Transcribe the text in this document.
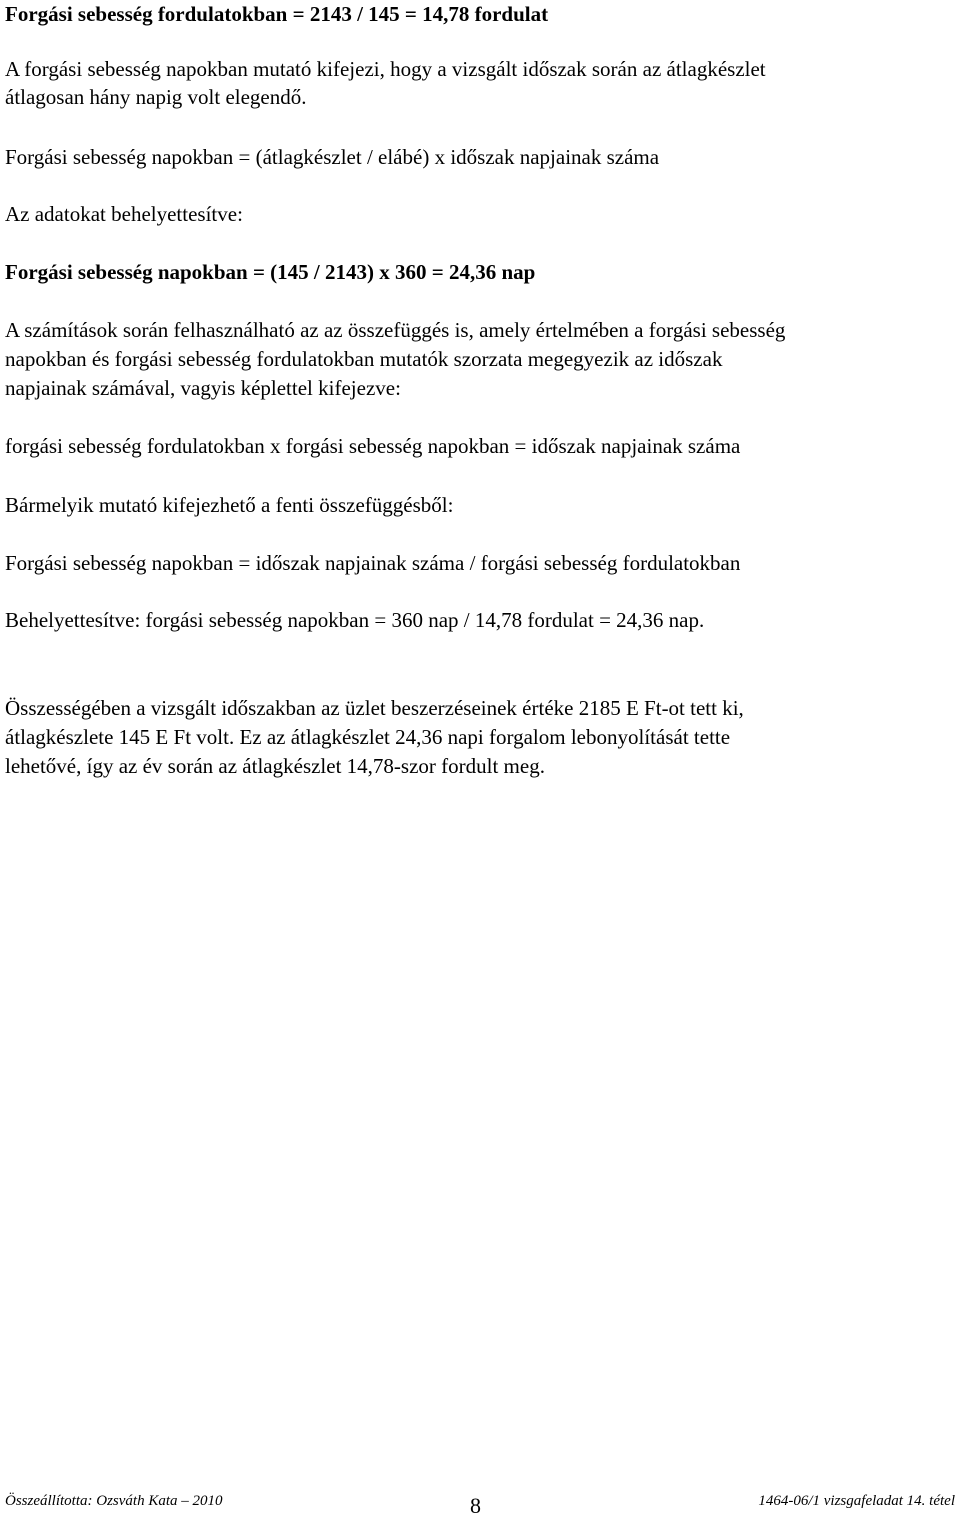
Forgási sebesség fordulatokban = 2143 / 145 = 14,78 fordulat
A forgási sebesség napokban mutató kifejezi, hogy a vizsgált időszak során az átlagkészlet
átlagosan hány napig volt elegendő.
Forgási sebesség napokban = (átlagkészlet / elábé) x időszak napjainak száma
Az adatokat behelyettesítve:
Forgási sebesség napokban = (145 / 2143) x 360 = 24,36 nap
A számítások során felhasználható az az összefüggés is, amely értelmében a forgási sebesség
napokban és forgási sebesség fordulatokban mutatók szorzata megegyezik az időszak
napjainak számával, vagyis képlettel kifejezve:
forgási sebesség fordulatokban x forgási sebesség napokban = időszak napjainak száma
Bármelyik mutató kifejezhető a fenti összefüggésből:
Forgási sebesség napokban = időszak napjainak száma / forgási sebesség fordulatokban
Behelyettesítve: forgási sebesség napokban = 360 nap / 14,78 fordulat = 24,36 nap.
Összességében a vizsgált időszakban az üzlet beszerzéseinek értéke 2185 E Ft-ot tett ki,
átlagkészlete 145 E Ft volt. Ez az átlagkészlet 24,36 napi forgalom lebonyolítását tette
lehetővé, így az év során az átlagkészlet 14,78-szor fordult meg.
Összeállította: Ozsváth Kata – 2010	8	1464-06/1 vizsgafeladat 14. tétel
